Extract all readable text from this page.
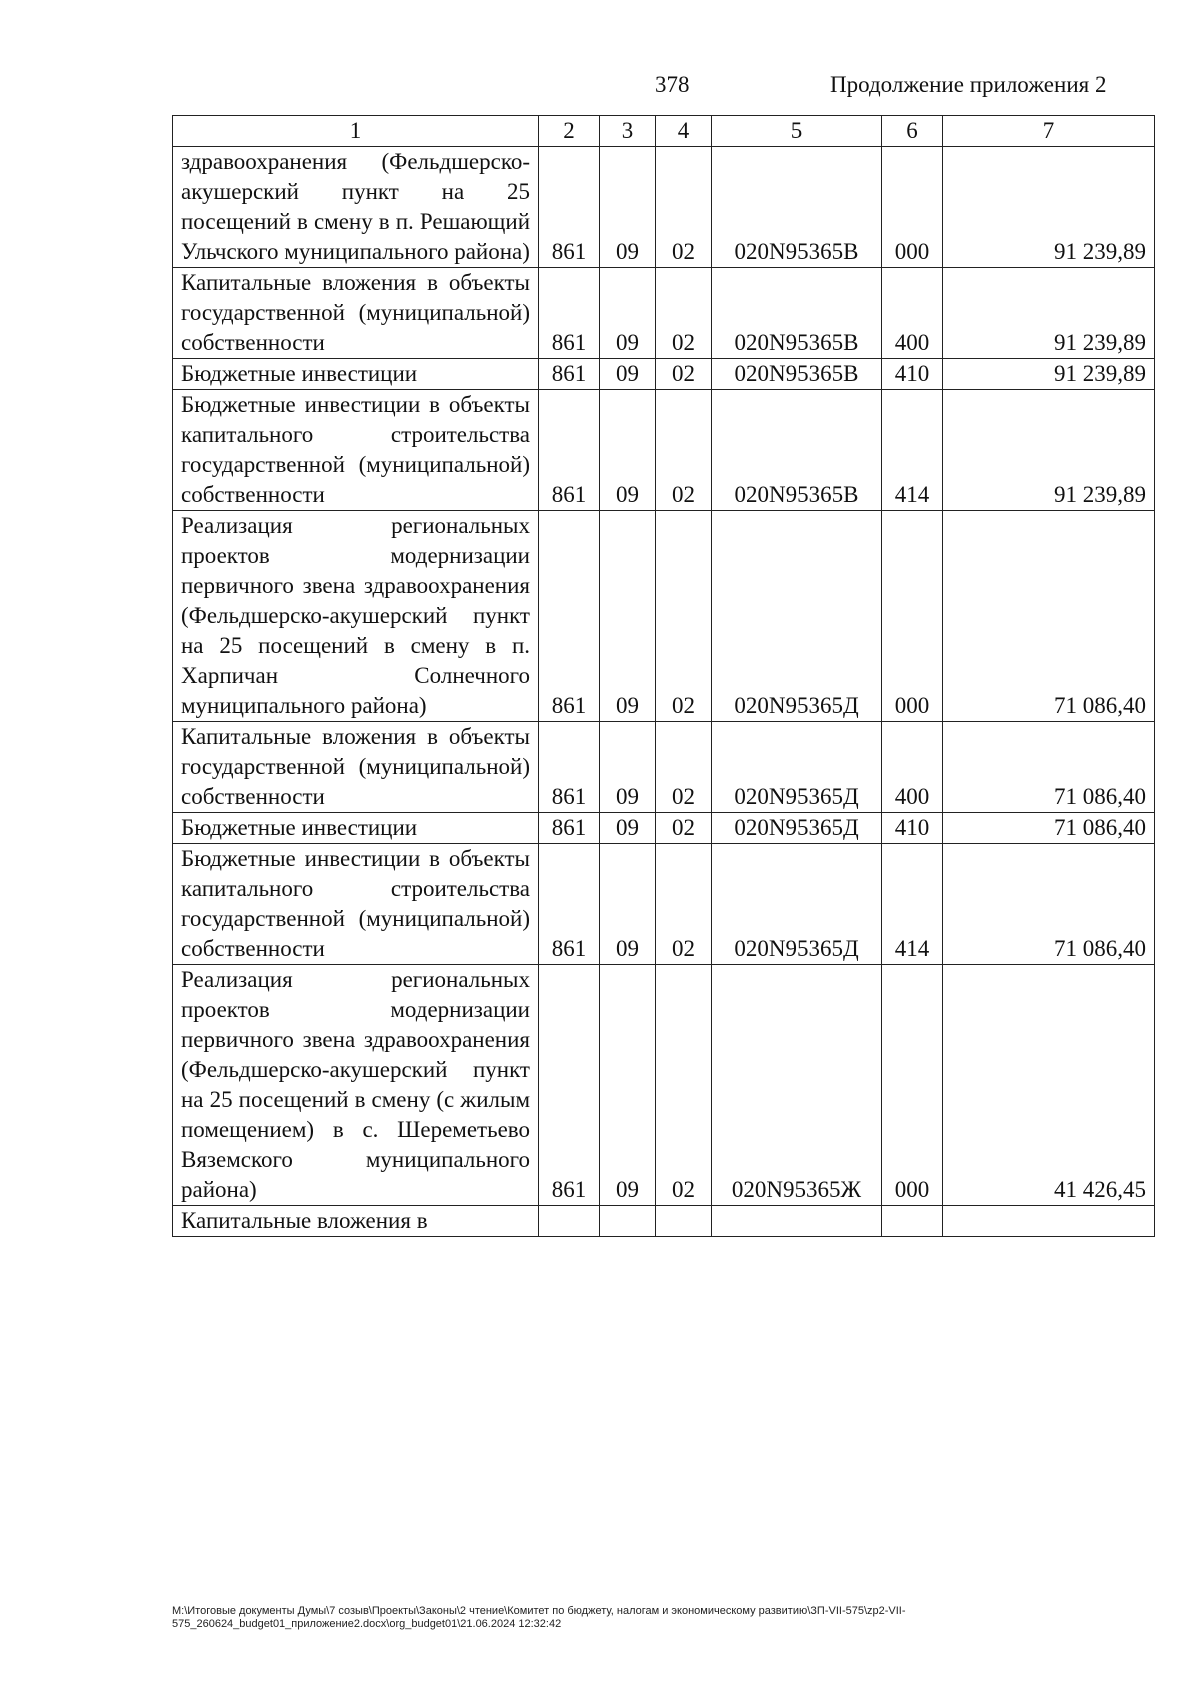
378	Продолжение приложения 2
1	2	3	4	5	6	7
здравоохранения (Фельдшерско-акушерский пункт на 25 посещений в смену в п. Решающий Ульчского муниципального района)	861	09	02	020N95365В	000	91 239,89
Капитальные вложения в объекты государственной (муниципальной) собственности	861	09	02	020N95365В	400	91 239,89
Бюджетные инвестиции	861	09	02	020N95365В	410	91 239,89
Бюджетные инвестиции в объекты капитального строительства государственной (муниципальной) собственности	861	09	02	020N95365В	414	91 239,89
Реализация региональных проектов модернизации первичного звена здравоохранения (Фельдшерско-акушерский пункт на 25 посещений в смену в п. Харпичан Солнечного муниципального района)	861	09	02	020N95365Д	000	71 086,40
Капитальные вложения в объекты государственной (муниципальной) собственности	861	09	02	020N95365Д	400	71 086,40
Бюджетные инвестиции	861	09	02	020N95365Д	410	71 086,40
Бюджетные инвестиции в объекты капитального строительства государственной (муниципальной) собственности	861	09	02	020N95365Д	414	71 086,40
Реализация региональных проектов модернизации первичного звена здравоохранения (Фельдшерско-акушерский пункт на 25 посещений в смену (с жилым помещением) в с. Шереметьево Вяземского муниципального района)	861	09	02	020N95365Ж	000	41 426,45
Капитальные вложения в						
M:\Итоговые документы Думы\7 созыв\Проекты\Законы\2 чтение\Комитет по бюджету, налогам и экономическому развитию\ЗП-VII-575\zp2-VII-575_260624_budget01_приложение2.docx\org_budget01\21.06.2024 12:32:42
